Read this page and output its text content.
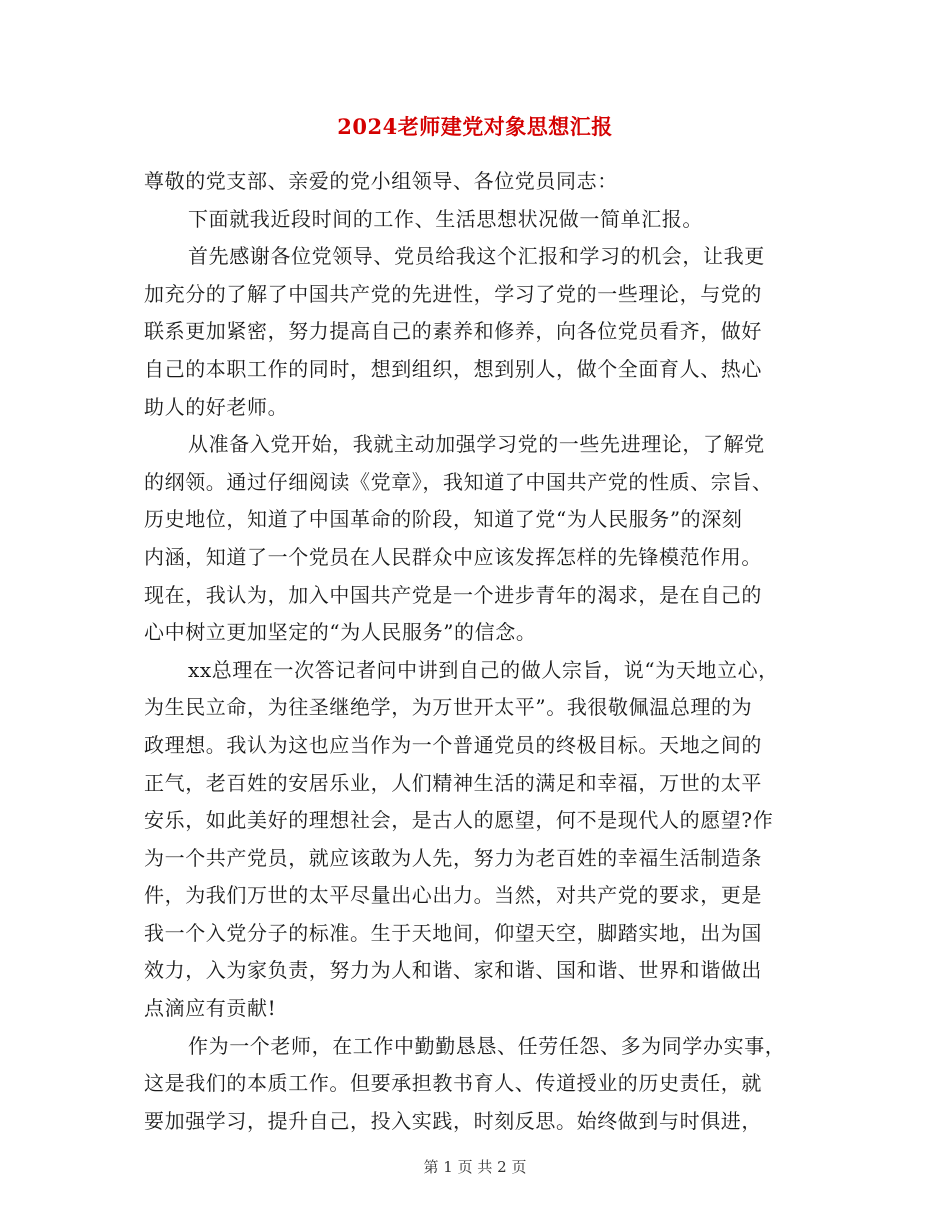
2024老师建党对象思想汇报
尊敬的党支部、亲爱的党小组领导、各位党员同志：
下面就我近段时间的工作、生活思想状况做一简单汇报。
首先感谢各位党领导、党员给我这个汇报和学习的机会，让我更
加充分的了解了中国共产党的先进性，学习了党的一些理论，与党的
联系更加紧密，努力提高自己的素养和修养，向各位党员看齐，做好
自己的本职工作的同时，想到组织，想到别人，做个全面育人、热心
助人的好老师。
从准备入党开始，我就主动加强学习党的一些先进理论，了解党
的纲领。通过仔细阅读《党章》，我知道了中国共产党的性质、宗旨、
历史地位，知道了中国革命的阶段，知道了党“为人民服务”的深刻
内涵，知道了一个党员在人民群众中应该发挥怎样的先锋模范作用。
现在，我认为，加入中国共产党是一个进步青年的渴求，是在自己的
心中树立更加坚定的“为人民服务”的信念。
xx总理在一次答记者问中讲到自己的做人宗旨，说“为天地立心，
为生民立命，为往圣继绝学，为万世开太平”。我很敬佩温总理的为
政理想。我认为这也应当作为一个普通党员的终极目标。天地之间的
正气，老百姓的安居乐业，人们精神生活的满足和幸福，万世的太平
安乐，如此美好的理想社会，是古人的愿望，何不是现代人的愿望?作
为一个共产党员，就应该敢为人先，努力为老百姓的幸福生活制造条
件，为我们万世的太平尽量出心出力。当然，对共产党的要求，更是
我一个入党分子的标准。生于天地间，仰望天空，脚踏实地，出为国
效力，入为家负责，努力为人和谐、家和谐、国和谐、世界和谐做出
点滴应有贡献!
作为一个老师，在工作中勤勤恳恳、任劳任怨、多为同学办实事，
这是我们的本质工作。但要承担教书育人、传道授业的历史责任，就
要加强学习，提升自己，投入实践，时刻反思。始终做到与时俱进，
第 1 页 共 2 页
